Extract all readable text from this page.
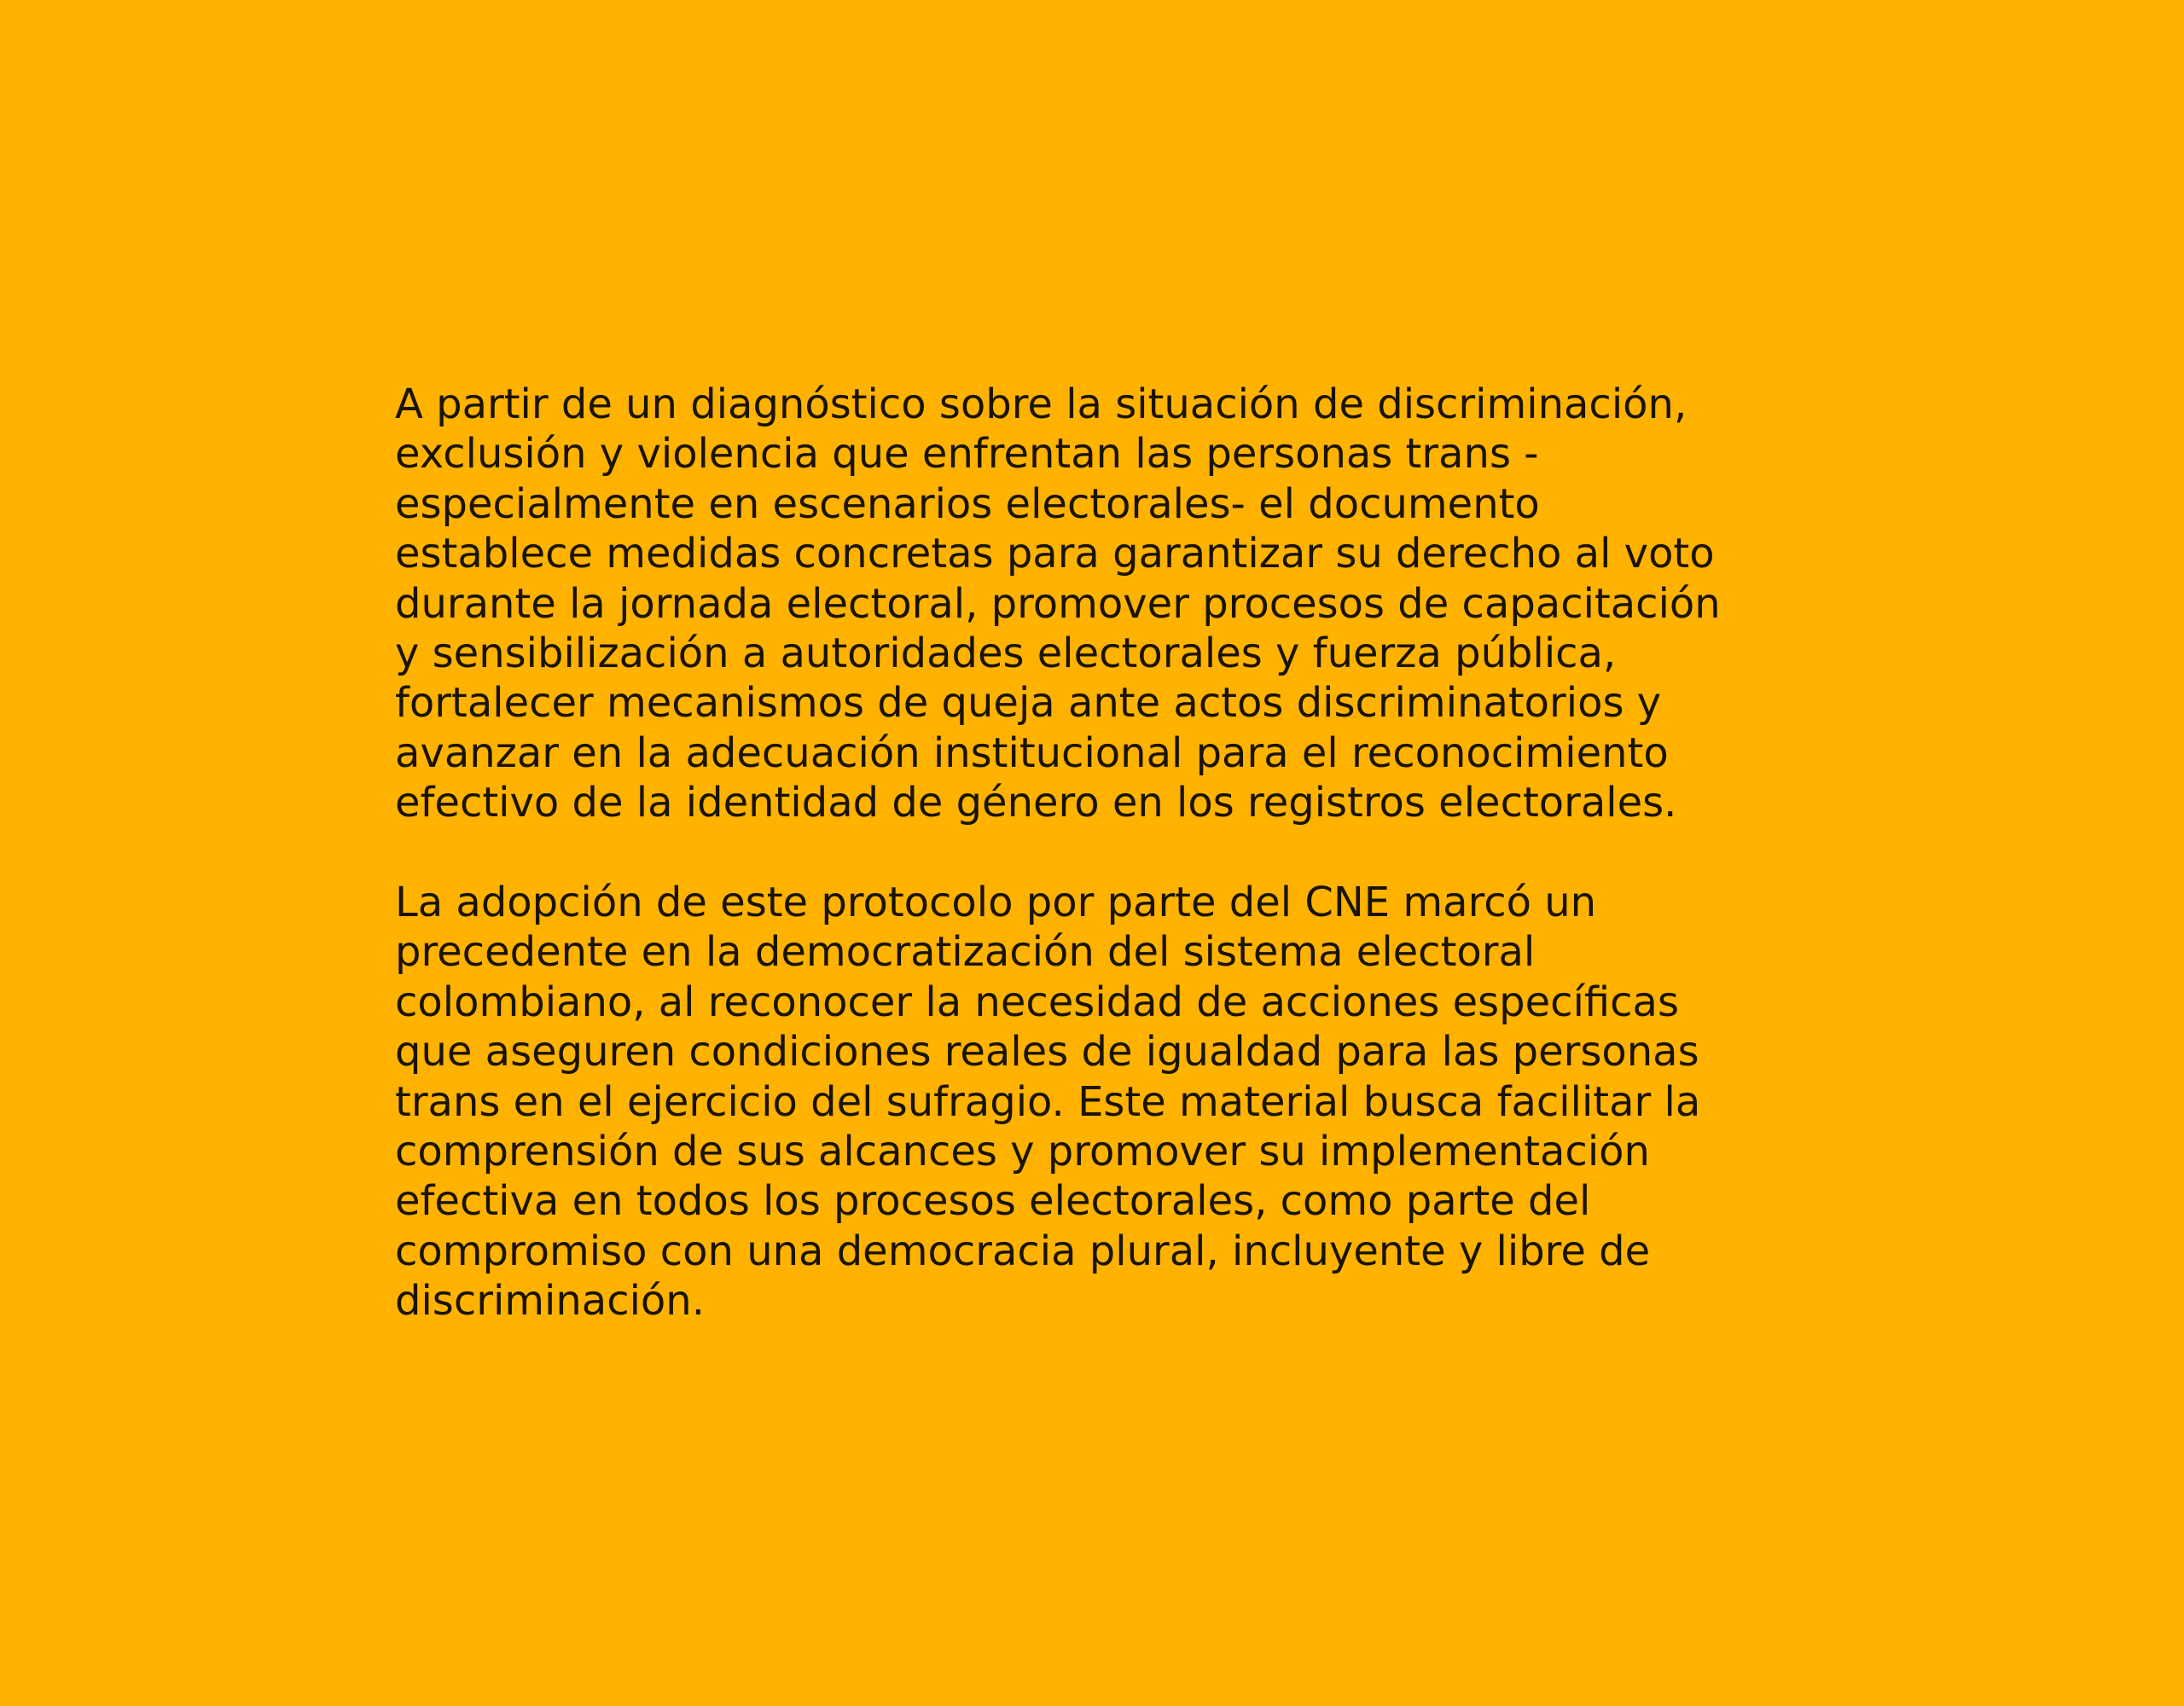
A partir de un diagnóstico sobre la situación de discriminación,
exclusión y violencia que enfrentan las personas trans -
especialmente en escenarios electorales- el documento
establece medidas concretas para garantizar su derecho al voto
durante la jornada electoral, promover procesos de capacitación
y sensibilización a autoridades electorales y fuerza pública,
fortalecer mecanismos de queja ante actos discriminatorios y
avanzar en la adecuación institucional para el reconocimiento
efectivo de la identidad de género en los registros electorales.

La adopción de este protocolo por parte del CNE marcó un
precedente en la democratización del sistema electoral
colombiano, al reconocer la necesidad de acciones específicas
que aseguren condiciones reales de igualdad para las personas
trans en el ejercicio del sufragio. Este material busca facilitar la
comprensión de sus alcances y promover su implementación
efectiva en todos los procesos electorales, como parte del
compromiso con una democracia plural, incluyente y libre de
discriminación.
